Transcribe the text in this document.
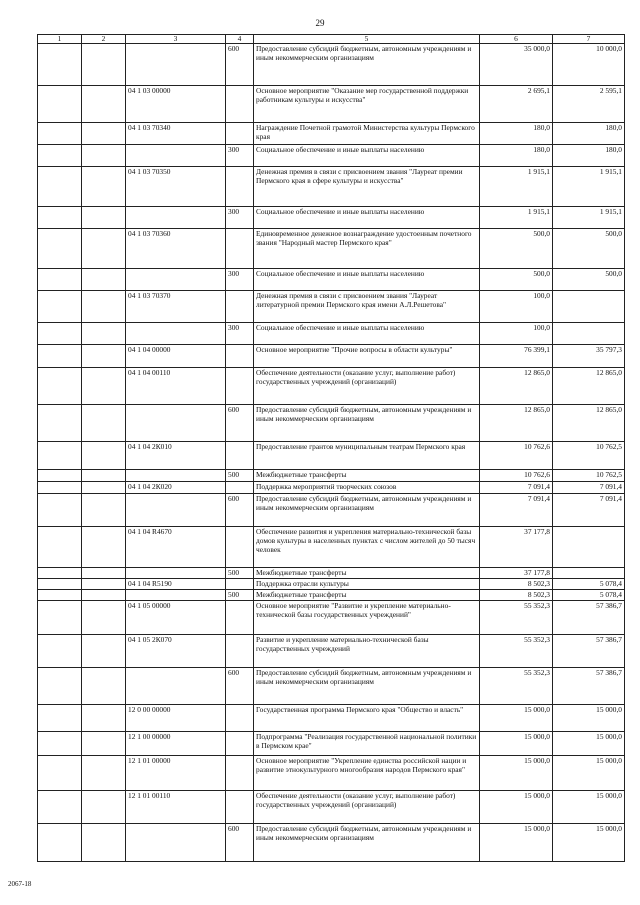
29
1	2	3	4	5	6	7
			600	Предоставление субсидий бюджетным, автономным учреждениям и иным некоммерческим организациям	35 000,0	10 000,0
		04 1 03 00000		Основное мероприятие "Оказание мер государственной поддержки работникам культуры и искусства"	2 695,1	2 595,1
		04 1 03 70340		Награждение Почетной грамотой Министерства культуры Пермского края	180,0	180,0
			300	Социальное обеспечение и иные выплаты населению	180,0	180,0
		04 1 03 70350		Денежная премия в связи с присвоением звания "Лауреат премии Пермского края в сфере культуры и искусства"	1 915,1	1 915,1
			300	Социальное обеспечение и иные выплаты населению	1 915,1	1 915,1
		04 1 03 70360		Единовременное денежное вознаграждение удостоенным почетного звания "Народный мастер Пермского края"	500,0	500,0
			300	Социальное обеспечение и иные выплаты населению	500,0	500,0
		04 1 03 70370		Денежная премия в связи с присвоением звания "Лауреат литературной премии Пермского края имени А.Л.Решетова"	100,0	
			300	Социальное обеспечение и иные выплаты населению	100,0	
		04 1 04 00000		Основное мероприятие "Прочие вопросы в области культуры"	76 399,1	35 797,3
		04 1 04 00110		Обеспечение деятельности (оказание услуг, выполнение работ) государственных учреждений (организаций)	12 865,0	12 865,0
			600	Предоставление субсидий бюджетным, автономным учреждениям и иным некоммерческим организациям	12 865,0	12 865,0
		04 1 04 2К010		Предоставление грантов муниципальным театрам Пермского края	10 762,6	10 762,5
			500	Межбюджетные трансферты	10 762,6	10 762,5
		04 1 04 2К020		Поддержка мероприятий творческих союзов	7 091,4	7 091,4
			600	Предоставление субсидий бюджетным, автономным учреждениям и иным некоммерческим организациям	7 091,4	7 091,4
		04 1 04 R4670		Обеспечение развития и укрепления материально-технической базы домов культуры в населенных пунктах с числом жителей до 50 тысяч человек	37 177,8	
			500	Межбюджетные трансферты	37 177,8	
		04 1 04 R5190		Поддержка отрасли культуры	8 502,3	5 078,4
			500	Межбюджетные трансферты	8 502,3	5 078,4
		04 1 05 00000		Основное мероприятие "Развитие и укрепление материально-технической базы государственных учреждений"	55 352,3	57 386,7
		04 1 05 2К070		Развитие и укрепление материально-технической базы государственных учреждений	55 352,3	57 386,7
			600	Предоставление субсидий бюджетным, автономным учреждениям и иным некоммерческим организациям	55 352,3	57 386,7
		12 0 00 00000		Государственная программа Пермского края "Общество и власть"	15 000,0	15 000,0
		12 1 00 00000		Подпрограмма "Реализация государственной национальной политики в Пермском крае"	15 000,0	15 000,0
		12 1 01 00000		Основное мероприятие "Укрепление единства российской нации и развитие этнокультурного многообразия народов Пермского края"	15 000,0	15 000,0
		12 1 01 00110		Обеспечение деятельности (оказание услуг, выполнение работ) государственных учреждений (организаций)	15 000,0	15 000,0
			600	Предоставление субсидий бюджетным, автономным учреждениям и иным некоммерческим организациям	15 000,0	15 000,0
2067-18
